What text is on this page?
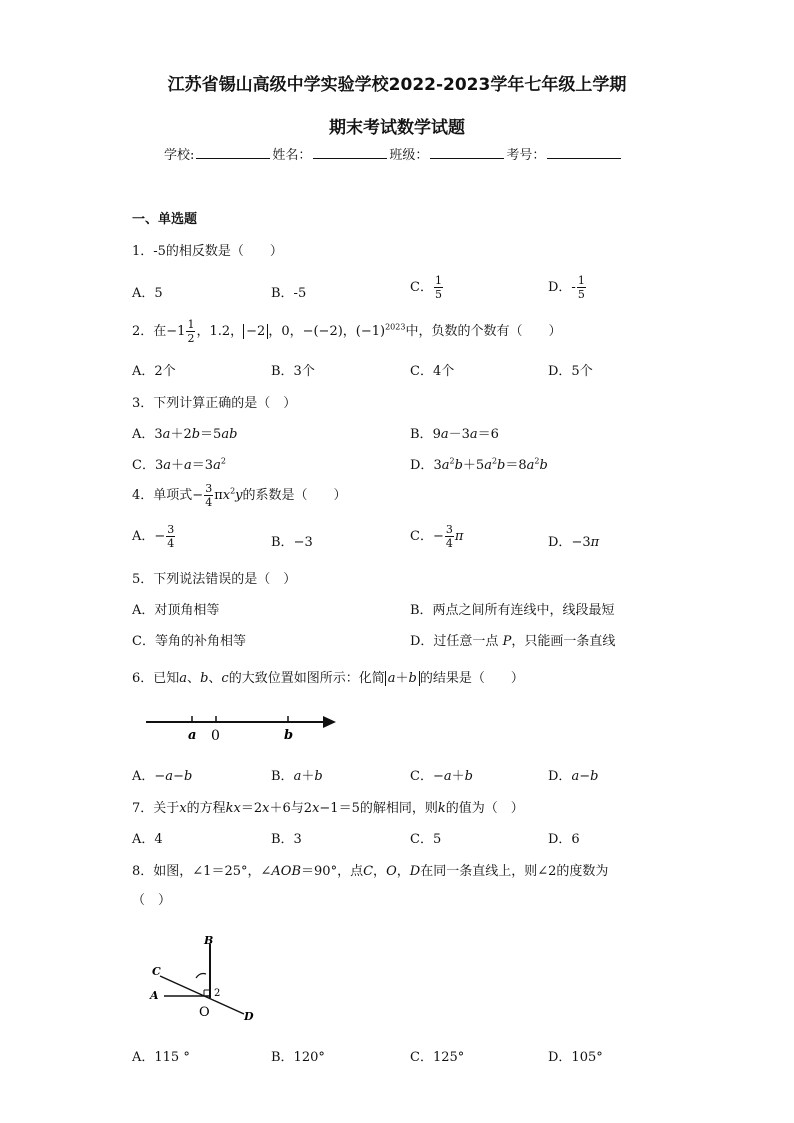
江苏省锡山高级中学实验学校2022-2023学年七年级上学期
期末考试数学试题
学校:	姓名：	班级：	考号：
一、单选题
1．-5的相反数是（　　）
A．5	B．-5	C． $\frac{1}{5}$	D．- $\frac{1}{5}$
2．在$-1 \frac{1}{2}$ ，1.2， −2 ，0，−(−2)，$(-1)^{2023}$中，负数的个数有（　　）
A．2个	B．3个	C．4个	D．5个
3．下列计算正确的是（　）
A．3a＋2b＝5ab	B．9a－3a＝6
C．$3a+a=3a^2$	D．$3a^2b+5a^2b=8a^2b$
4．单项式− $\frac{3}{4} \pi x^2y$的系数是（　　）
A．− $\frac{3}{4}$	B．−3	C．− $\frac{3}{4}$ π	D．−3π
5．下列说法错误的是（　）
A．对顶角相等	B．两点之间所有连线中，线段最短
C．等角的补角相等	D．过任意一点 P，只能画一条直线
6．已知a、b、c的大致位置如图所示：化简 a＋b 的结果是（　　）
a 0	b
A．−a−b	B．a＋b	C．−a＋b	D．a−b
7．关于x的方程kx＝2x＋6与2x−1＝5的解相同，则k的值为（　）
A．4	B．3	C．5	D．6
8．如图，∠1＝25°，∠AOB＝90°，点C，O，D在同一条直线上，则∠2的度数为
（　）
B
C
A
O	D
2
A．115 °	B．120°	C．125°	D．105°
